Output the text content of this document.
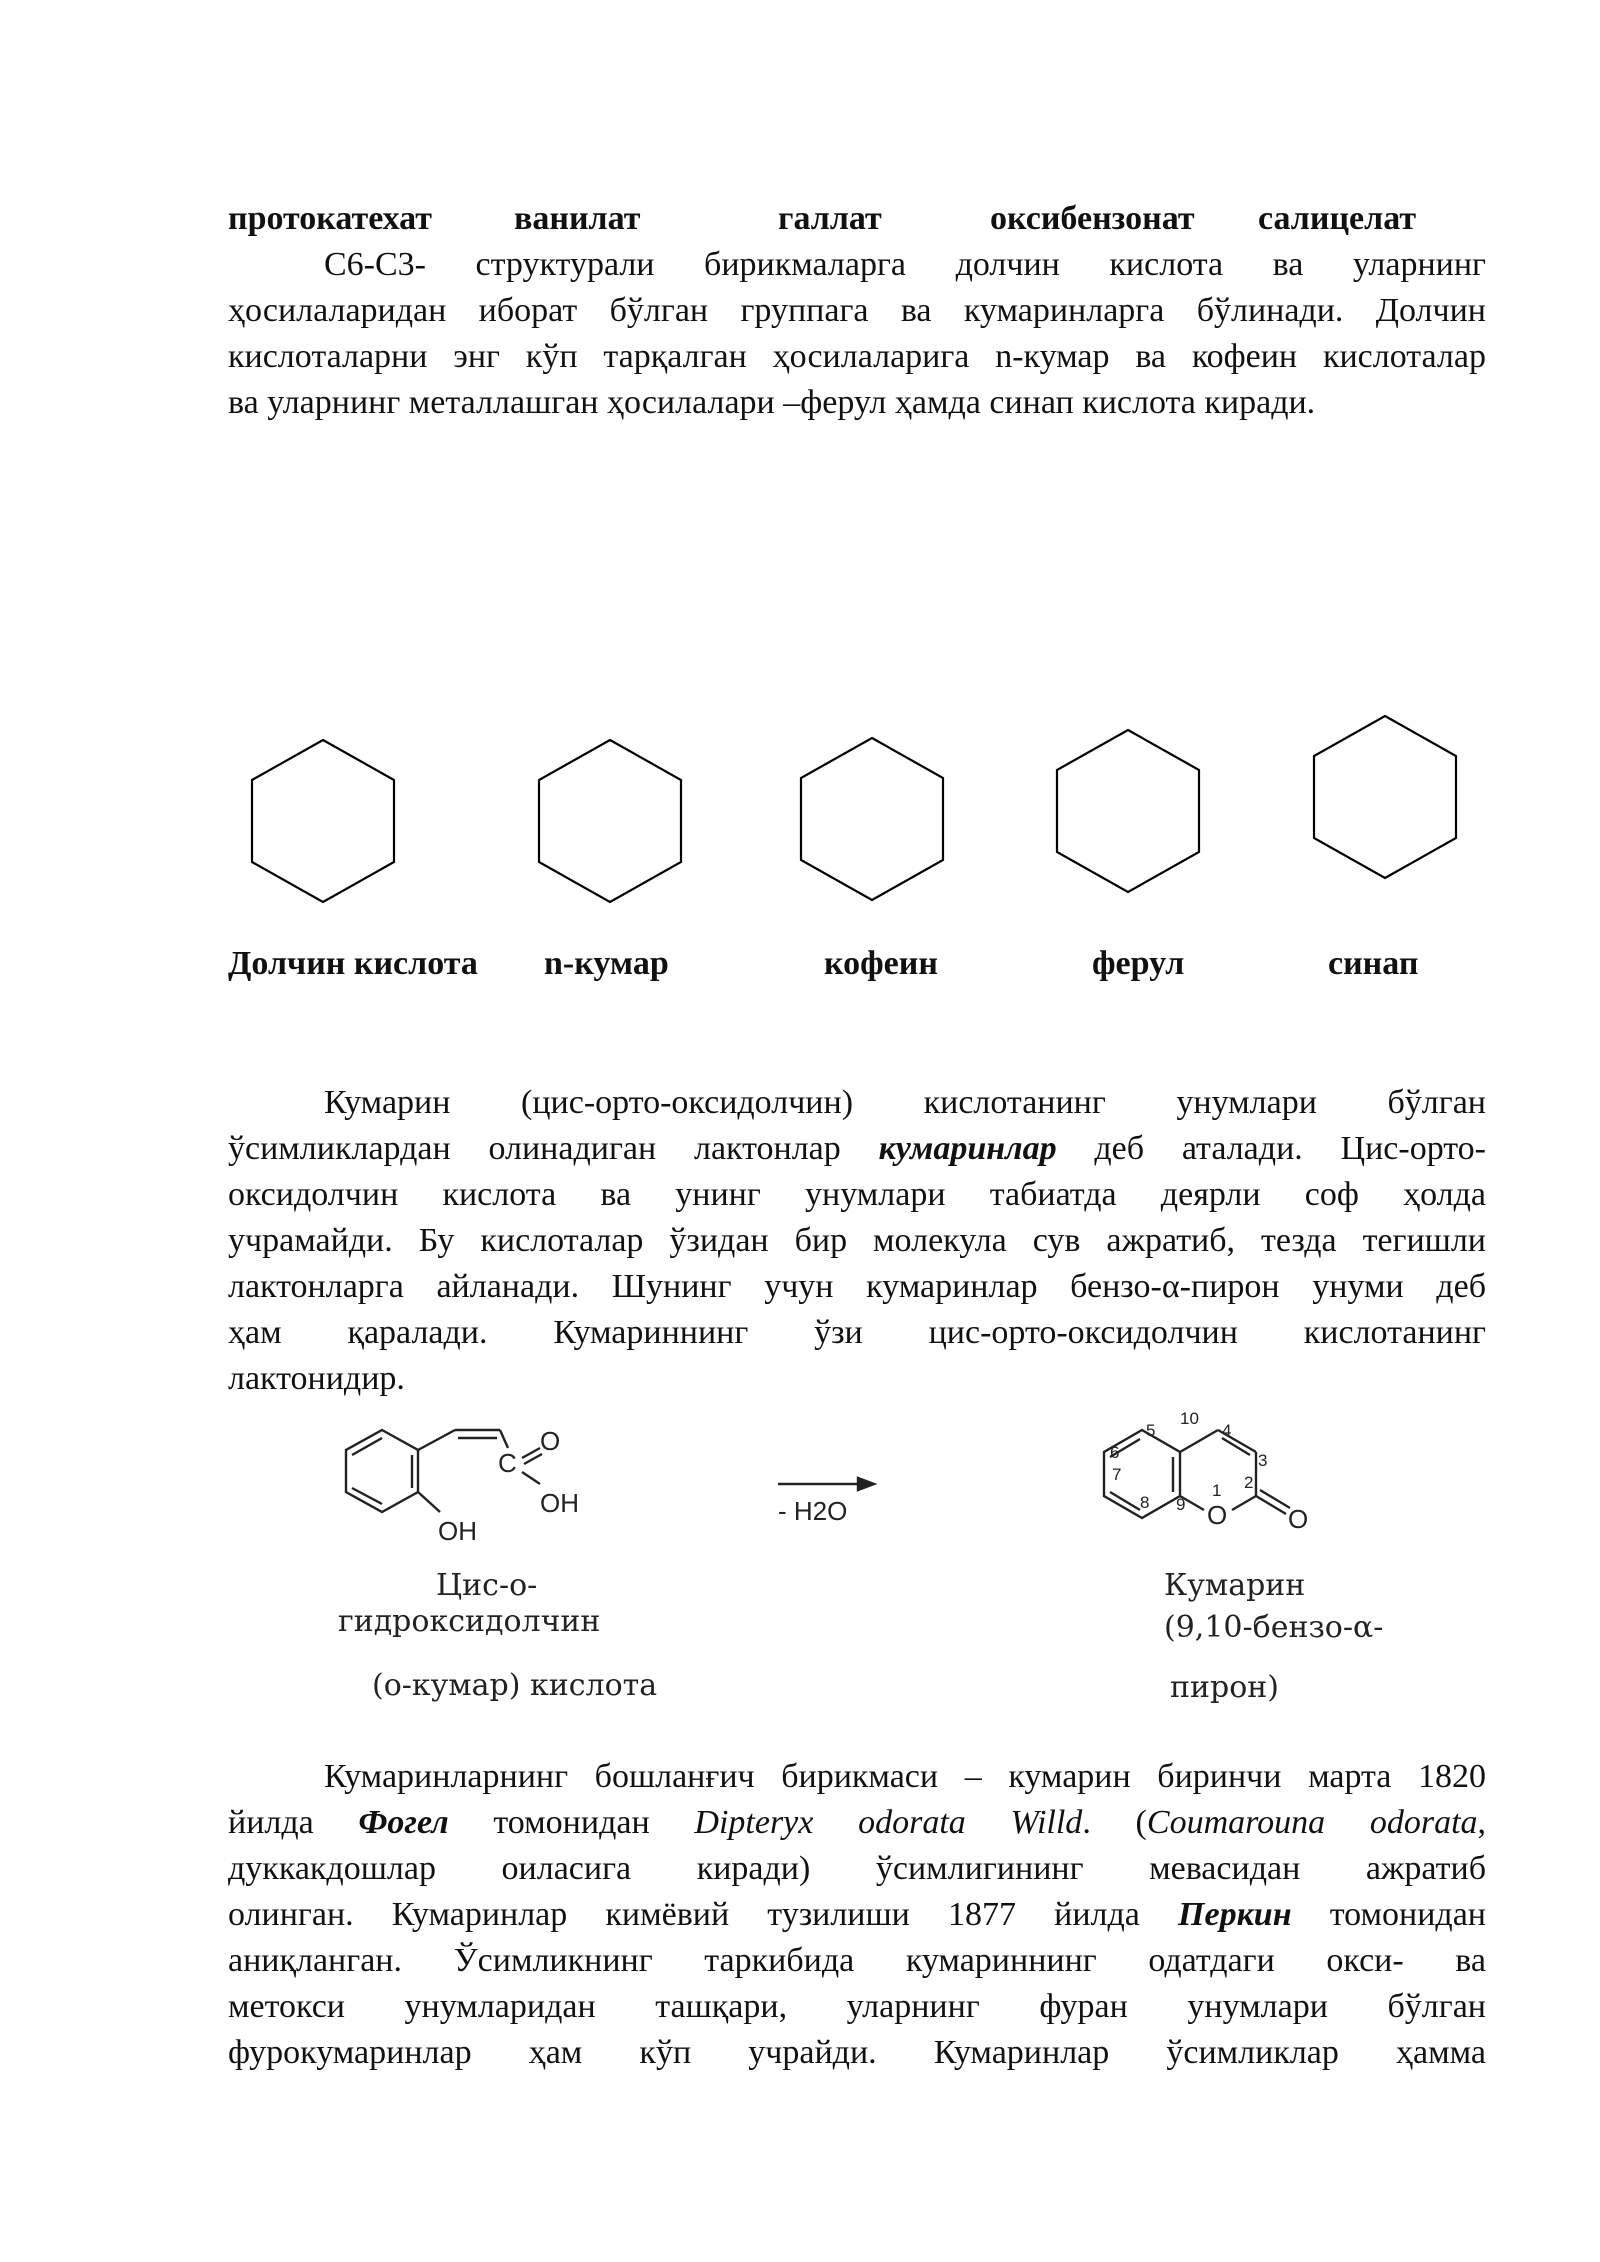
протокатехат ванилат	галлат	оксибензонат салицелат
С6-С3- структурали бирикмаларга долчин кислота ва уларнинг
ҳосилаларидан иборат бўлган группага ва кумаринларга бўлинади. Долчин
кислоталарни энг кўп тарқалган ҳосилаларига n-кумар ва кофеин кислоталар
ва уларнинг металлашган ҳосилалари –ферул ҳамда синап кислота киради.
Долчин кислота n-кумар	кофеин	ферул	синап
Кумарин (цис-орто-оксидолчин) кислотанинг унумлари бўлган
ўсимликлардан олинадиган лактонлар кумаринлар деб аталади. Цис-орто-
оксидолчин кислота ва унинг унумлари табиатда деярли соф ҳолда
учрамайди. Бу кислоталар ўзидан бир молекула сув ажратиб, тезда тегишли
лактонларга айланади. Шунинг учун кумаринлар бензо-α-пирон унуми деб
ҳам қаралади. Кумариннинг ўзи цис-орто-оксидолчин кислотанинг
лактонидир.
C
O
OH
OH
- H2O	O O
10
4
5
3
6
7	2
1
8 9
Цис-о-
гидроксидолчин
(о-кумар) кислота
Кумарин
(9,10-бензо-α-
пирон)
Кумаринларнинг бошланғич бирикмаси – кумарин биринчи марта 1820
йилда Фогел томонидан Dipteryx odorata Willd. (Coumarouna odorata,
дуккакдошлар оиласига киради) ўсимлигининг мевасидан ажратиб
олинган. Кумаринлар кимёвий тузилиши 1877 йилда Перкин томонидан
аниқланган. Ўсимликнинг таркибида кумариннинг одатдаги окси- ва
метокси унумларидан ташқари, уларнинг фуран унумлари бўлган
фурокумаринлар ҳам кўп учрайди. Кумаринлар ўсимликлар ҳамма
